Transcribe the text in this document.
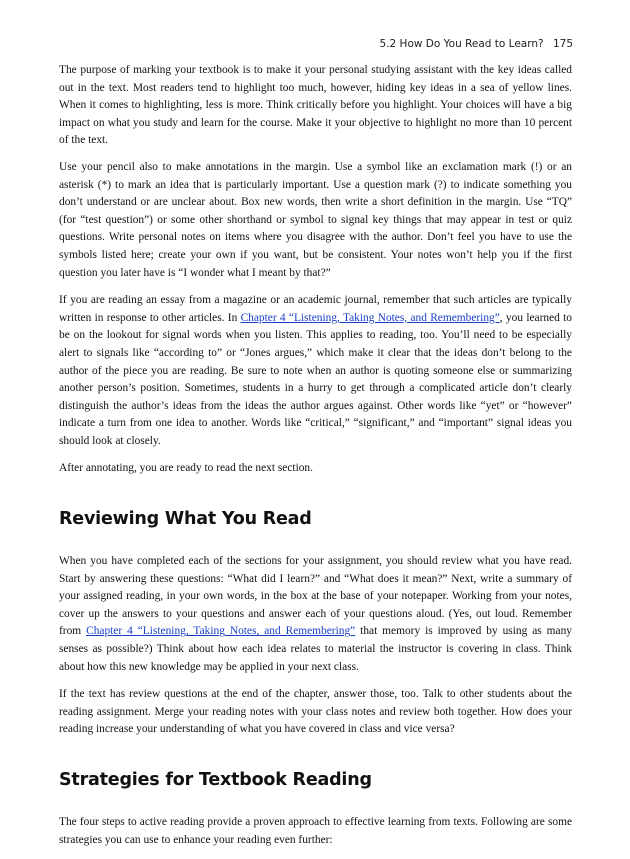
5.2 How Do You Read to Learn? 175

The purpose of marking your textbook is to make it your personal studying assistant with the key ideas called out in the text. Most readers tend to highlight too much, however, hiding key ideas in a sea of yellow lines. When it comes to highlighting, less is more. Think critically before you highlight. Your choices will have a big impact on what you study and learn for the course. Make it your objective to highlight no more than 10 percent of the text.

Use your pencil also to make annotations in the margin. Use a symbol like an exclamation mark (!) or an asterisk (*) to mark an idea that is particularly important. Use a question mark (?) to indicate something you don’t understand or are unclear about. Box new words, then write a short definition in the margin. Use “TQ” (for “test question”) or some other shorthand or symbol to signal key things that may appear in test or quiz questions. Write personal notes on items where you disagree with the author. Don’t feel you have to use the symbols listed here; create your own if you want, but be consistent. Your notes won’t help you if the first question you later have is “I wonder what I meant by that?”

If you are reading an essay from a magazine or an academic journal, remember that such articles are typically written in response to other articles. In Chapter 4 “Listening, Taking Notes, and Remembering”, you learned to be on the lookout for signal words when you listen. This applies to reading, too. You’ll need to be especially alert to signals like “according to” or “Jones argues,” which make it clear that the ideas don’t belong to the author of the piece you are reading. Be sure to note when an author is quoting someone else or summarizing another person’s position. Sometimes, students in a hurry to get through a complicated article don’t clearly distinguish the author’s ideas from the ideas the author argues against. Other words like “yet” or “however” indicate a turn from one idea to another. Words like “critical,” “significant,” and “important” signal ideas you should look at closely.

After annotating, you are ready to read the next section.

Reviewing What You Read

When you have completed each of the sections for your assignment, you should review what you have read. Start by answering these questions: “What did I learn?” and “What does it mean?” Next, write a summary of your assigned reading, in your own words, in the box at the base of your notepaper. Working from your notes, cover up the answers to your questions and answer each of your questions aloud. (Yes, out loud. Remember from Chapter 4 “Listening, Taking Notes, and Remembering” that memory is improved by using as many senses as possible?) Think about how each idea relates to material the instructor is covering in class. Think about how this new knowledge may be applied in your next class.

If the text has review questions at the end of the chapter, answer those, too. Talk to other students about the reading assignment. Merge your reading notes with your class notes and review both together. How does your reading increase your understanding of what you have covered in class and vice versa?

Strategies for Textbook Reading

The four steps to active reading provide a proven approach to effective learning from texts. Following are some strategies you can use to enhance your reading even further:
